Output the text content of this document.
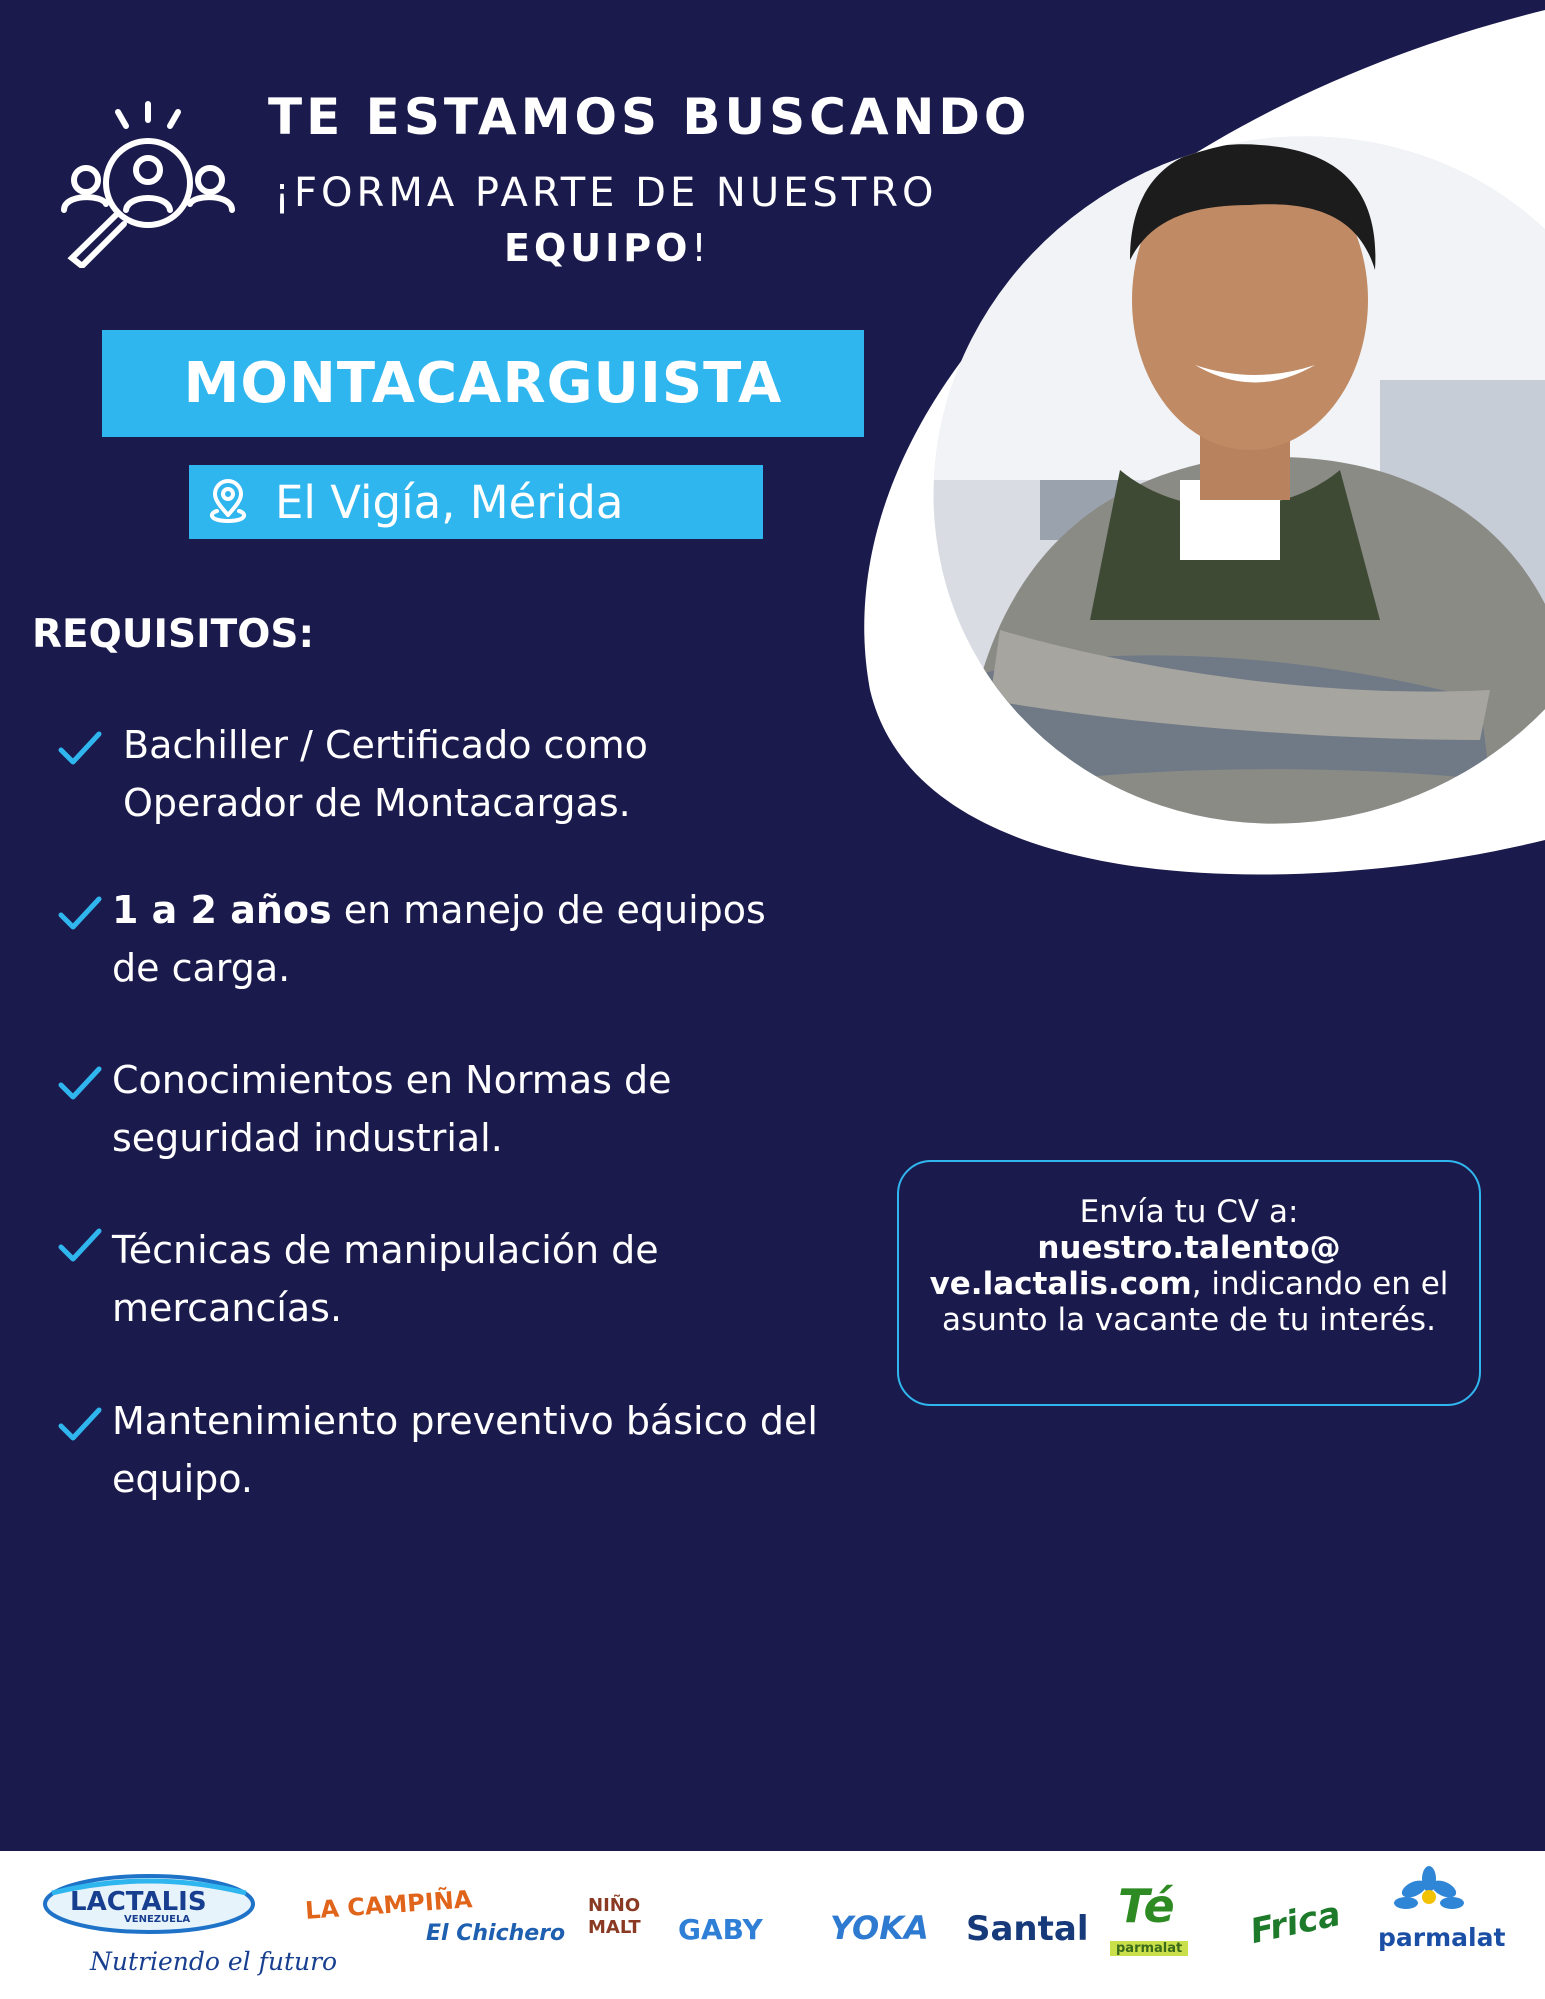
TE ESTAMOS BUSCANDO
¡FORMA PARTE DE NUESTRO
EQUIPO!
MONTACARGUISTA
El Vigía, Mérida
REQUISITOS:
Bachiller / Certificado como
Operador de Montacargas.
1 a 2 años en manejo de equipos
de carga.
Conocimientos en Normas de
seguridad industrial.
Técnicas de manipulación de
mercancías.
Mantenimiento preventivo básico del
equipo.
Envía tu CV a:
nuestro.talento@
ve.lactalis.com, indicando en el
asunto la vacante de tu interés.
LACTALIS
VENEZUELA
Nutriendo el futuro
LA CAMPIÑA
El Chichero
NIÑO MALT GABY YOKA Santal Té
parmalat Frica parmalat
